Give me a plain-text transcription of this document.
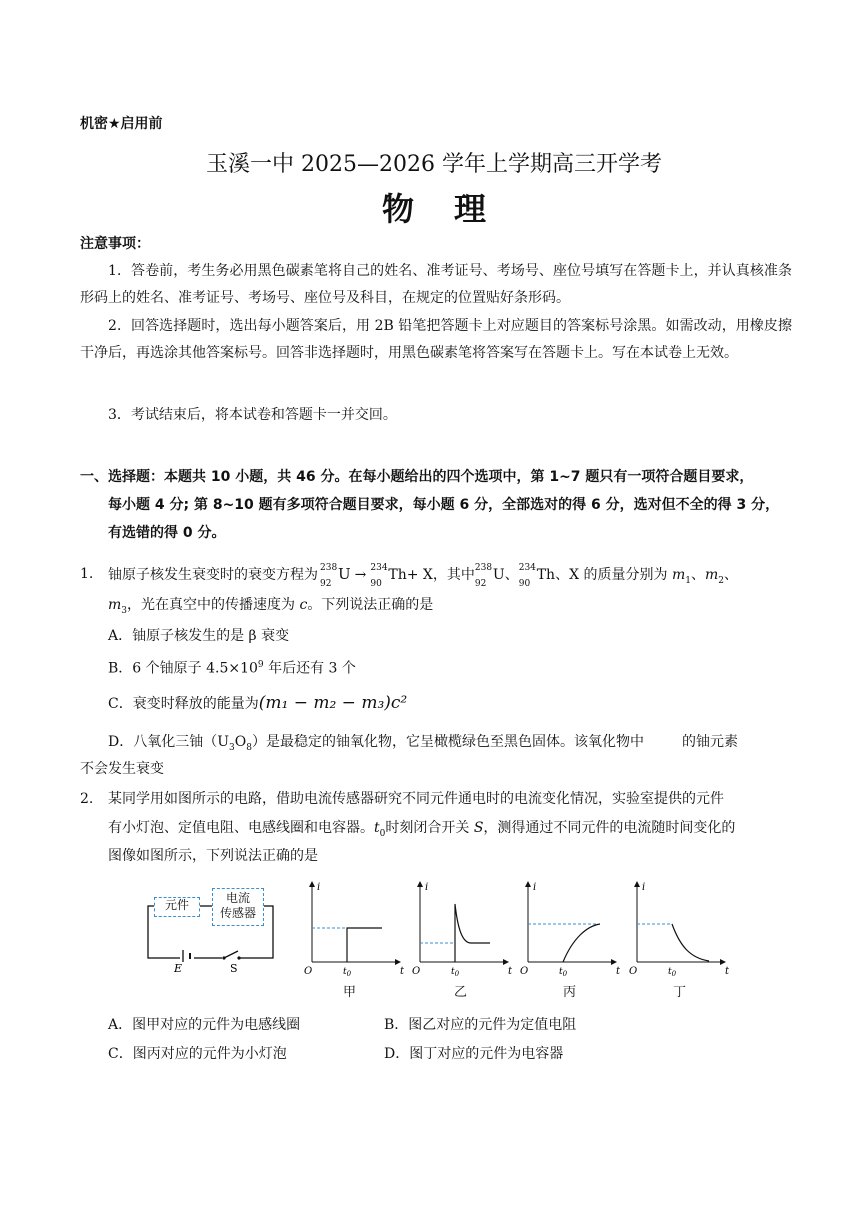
机密★启用前
玉溪一中 2025—2026 学年上学期高三开学考
物理
注意事项：
1．答卷前，考生务必用黑色碳素笔将自己的姓名、准考证号、考场号、座位号填写在答题卡上，并认真核准条形码上的姓名、准考证号、考场号、座位号及科目，在规定的位置贴好条形码。
2．回答选择题时，选出每小题答案后，用 2B 铅笔把答题卡上对应题目的答案标号涂黑。如需改动，用橡皮擦干净后，再选涂其他答案标号。回答非选择题时，用黑色碳素笔将答案写在答题卡上。写在本试卷上无效。
3．考试结束后，将本试卷和答题卡一并交回。
一、选择题：本题共 10 小题，共 46 分。在每小题给出的四个选项中，第 1~7 题只有一项符合题目要求，
每小题 4 分; 第 8~10 题有多项符合题目要求，每小题 6 分，全部选对的得 6 分，选对但不全的得 3 分，
有选错的得 0 分。
1. 铀原子核发生衰变时的衰变方程为 238
92
U → 234
90
Th+ X，其中 238
92
U、 234
90
Th、X 的质量分别为 $m_1$、$m_2$、
$m_3$，光在真空中的传播速度为 c。下列说法正确的是
A．铀原子核发生的是 β 衰变
B．6 个铀原子 $4.5\times 10^9$ 年后还有 3 个
C．衰变时释放的能量为(m₁ − m₂ − m₃)c²
D．八氧化三铀$(U_3O_8)$是最稳定的铀氧化物，它呈橄榄绿色至黑色固体。该氧化物中	的铀元素
不会发生衰变
2. 某同学用如图所示的电路，借助电流传感器研究不同元件通电时的电流变化情况，实验室提供的元件
有小灯泡、定值电阻、电感线圈和电容器。$t_0$时刻闭合开关 S，测得通过不同元件的电流随时间变化的
图像如图所示，下列说法正确的是
E	S
元件	电流
传感器
i
t
O	$t_0$
i
t
O	$t_0$
i
t
O	$t_0$
i
t
O	$t_0$
甲	乙	丙	丁
A．图甲对应的元件为电感线圈	B．图乙对应的元件为定值电阻
C．图丙对应的元件为小灯泡	D．图丁对应的元件为电容器
